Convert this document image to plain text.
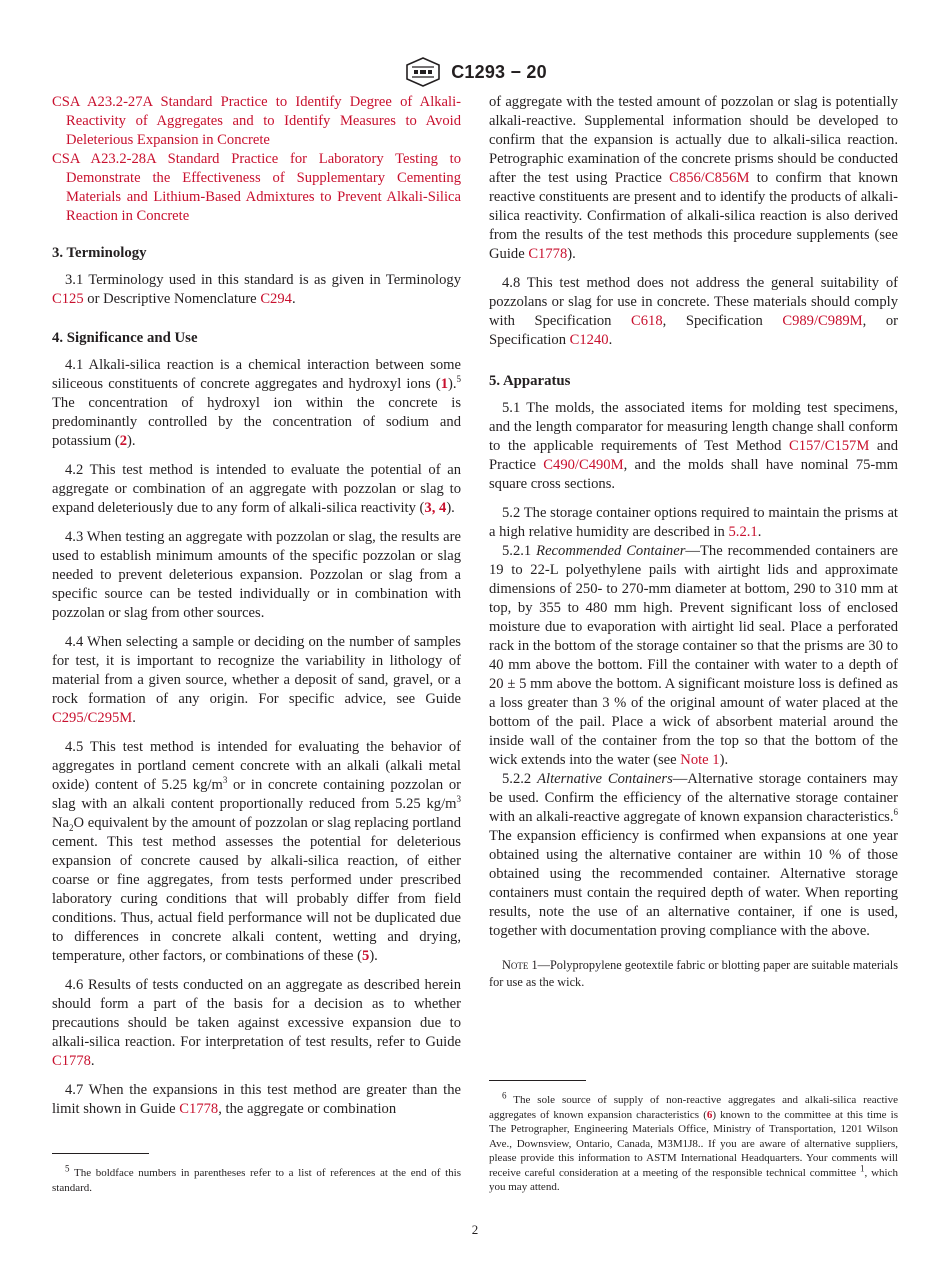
C1293 − 20

CSA A23.2-27A Standard Practice to Identify Degree of Alkali-Reactivity of Aggregates and to Identify Measures to Avoid Deleterious Expansion in Concrete

CSA A23.2-28A Standard Practice for Laboratory Testing to Demonstrate the Effectiveness of Supplementary Cementing Materials and Lithium-Based Admixtures to Prevent Alkali-Silica Reaction in Concrete

3. Terminology

3.1 Terminology used in this standard is as given in Terminology C125 or Descriptive Nomenclature C294.

4. Significance and Use

4.1 Alkali-silica reaction is a chemical interaction between some siliceous constituents of concrete aggregates and hydroxyl ions (1).$^5$ The concentration of hydroxyl ion within the concrete is predominantly controlled by the concentration of sodium and potassium (2).

4.2 This test method is intended to evaluate the potential of an aggregate or combination of an aggregate with pozzolan or slag to expand deleteriously due to any form of alkali-silica reactivity (3, 4).

4.3 When testing an aggregate with pozzolan or slag, the results are used to establish minimum amounts of the specific pozzolan or slag needed to prevent deleterious expansion. Pozzolan or slag from a specific source can be tested individually or in combination with pozzolan or slag from other sources.

4.4 When selecting a sample or deciding on the number of samples for test, it is important to recognize the variability in lithology of material from a given source, whether a deposit of sand, gravel, or a rock formation of any origin. For specific advice, see Guide C295/C295M.

4.5 This test method is intended for evaluating the behavior of aggregates in portland cement concrete with an alkali (alkali metal oxide) content of 5.25 $kg/m^3$ or in concrete containing pozzolan or slag with an alkali content proportionally reduced from 5.25 $kg/m^3$ $Na_2O$ equivalent by the amount of pozzolan or slag replacing portland cement. This test method assesses the potential for deleterious expansion of concrete caused by alkali-silica reaction, of either coarse or fine aggregates, from tests performed under prescribed laboratory curing conditions that will probably differ from field conditions. Thus, actual field performance will not be duplicated due to differences in concrete alkali content, wetting and drying, temperature, other factors, or combinations of these (5).

4.6 Results of tests conducted on an aggregate as described herein should form a part of the basis for a decision as to whether precautions should be taken against excessive expansion due to alkali-silica reaction. For interpretation of test results, refer to Guide C1778.

4.7 When the expansions in this test method are greater than the limit shown in Guide C1778, the aggregate or combination

$^5$ The boldface numbers in parentheses refer to a list of references at the end of this standard.

of aggregate with the tested amount of pozzolan or slag is potentially alkali-reactive. Supplemental information should be developed to confirm that the expansion is actually due to alkali-silica reaction. Petrographic examination of the concrete prisms should be conducted after the test using Practice C856/C856M to confirm that known reactive constituents are present and to identify the products of alkali-silica reactivity. Confirmation of alkali-silica reaction is also derived from the results of the test methods this procedure supplements (see Guide C1778).

4.8 This test method does not address the general suitability of pozzolans or slag for use in concrete. These materials should comply with Specification C618, Specification C989/C989M, or Specification C1240.

5. Apparatus

5.1 The molds, the associated items for molding test specimens, and the length comparator for measuring length change shall conform to the applicable requirements of Test Method C157/C157M and Practice C490/C490M, and the molds shall have nominal 75-mm square cross sections.

5.2 The storage container options required to maintain the prisms at a high relative humidity are described in 5.2.1.

5.2.1 Recommended Container—The recommended containers are 19 to 22-L polyethylene pails with airtight lids and approximate dimensions of 250- to 270-mm diameter at bottom, 290 to 310 mm at top, by 355 to 480 mm high. Prevent significant loss of enclosed moisture due to evaporation with airtight lid seal. Place a perforated rack in the bottom of the storage container so that the prisms are 30 to 40 mm above the bottom. Fill the container with water to a depth of 20 ± 5 mm above the bottom. A significant moisture loss is defined as a loss greater than 3 % of the original amount of water placed at the bottom of the pail. Place a wick of absorbent material around the inside wall of the container from the top so that the bottom of the wick extends into the water (see Note 1).

5.2.2 Alternative Containers—Alternative storage containers may be used. Confirm the efficiency of the alternative storage container with an alkali-reactive aggregate of known expansion characteristics.$^6$ The expansion efficiency is confirmed when expansions at one year obtained using the alternative container are within 10 % of those obtained using the recommended container. Alternative storage containers must contain the required depth of water. When reporting results, note the use of an alternative container, if one is used, together with documentation proving compliance with the above.

Note 1—Polypropylene geotextile fabric or blotting paper are suitable materials for use as the wick.

$^6$ The sole source of supply of non-reactive aggregates and alkali-silica reactive aggregates of known expansion characteristics (6) known to the committee at this time is The Petrographer, Engineering Materials Office, Ministry of Transportation, 1201 Wilson Ave., Downsview, Ontario, Canada, M3M1J8.. If you are aware of alternative suppliers, please provide this information to ASTM International Headquarters. Your comments will receive careful consideration at a meeting of the responsible technical committee $^1$, which you may attend.

2
